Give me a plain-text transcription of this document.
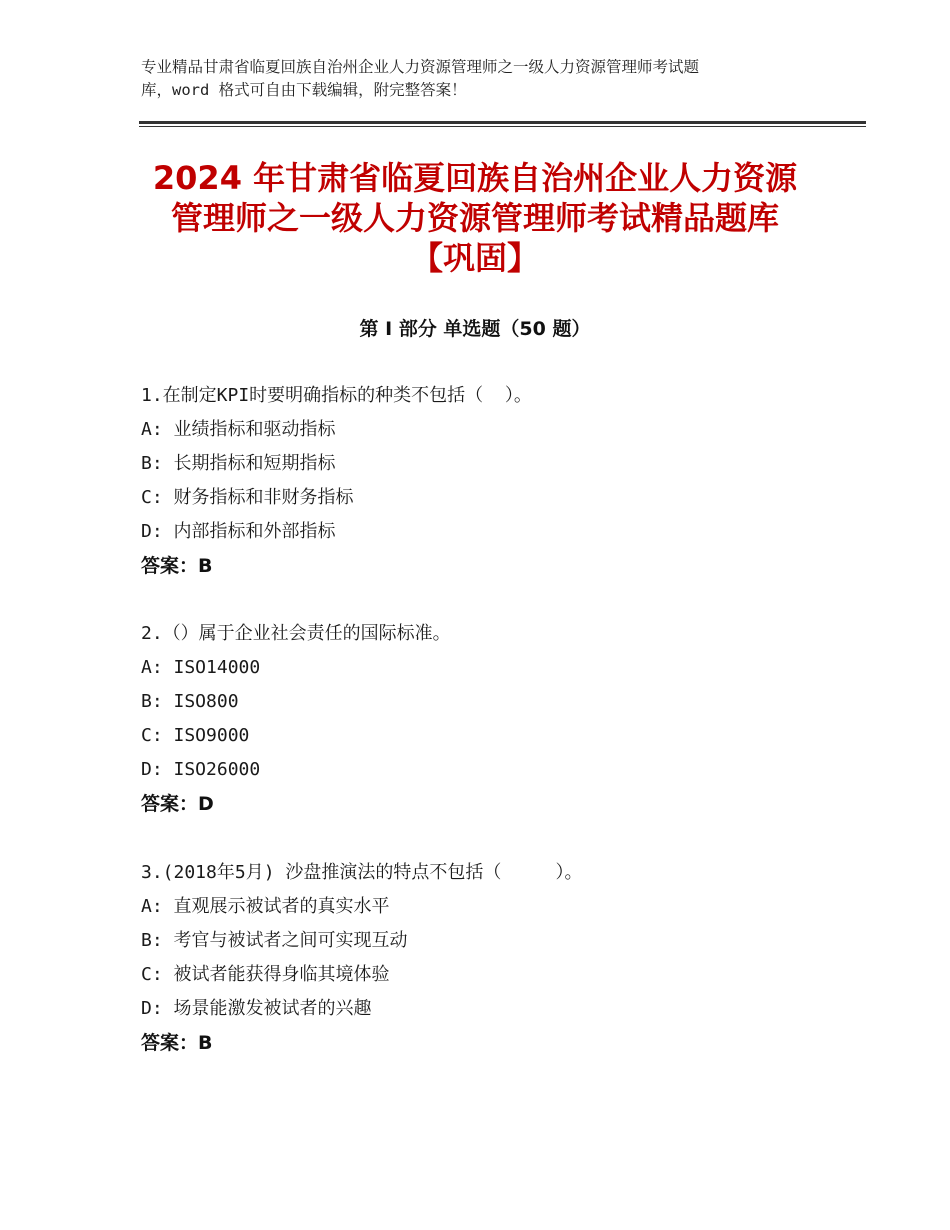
专业精品甘肃省临夏回族自治州企业人力资源管理师之一级人力资源管理师考试题

库，word 格式可自由下载编辑，附完整答案！

2024 年甘肃省临夏回族自治州企业人力资源
管理师之一级人力资源管理师考试精品题库
【巩固】
第 I 部分 单选题（50 题）
1.在制定KPI时要明确指标的种类不包括（  ）。
A: 业绩指标和驱动指标
B: 长期指标和短期指标
C: 财务指标和非财务指标
D: 内部指标和外部指标
答案：B
2.（）属于企业社会责任的国际标准。
A: ISO14000
B: ISO800
C: ISO9000
D: ISO26000
答案：D
3.(2018年5月) 沙盘推演法的特点不包括（     ）。
A: 直观展示被试者的真实水平
B: 考官与被试者之间可实现互动
C: 被试者能获得身临其境体验
D: 场景能激发被试者的兴趣
答案：B
